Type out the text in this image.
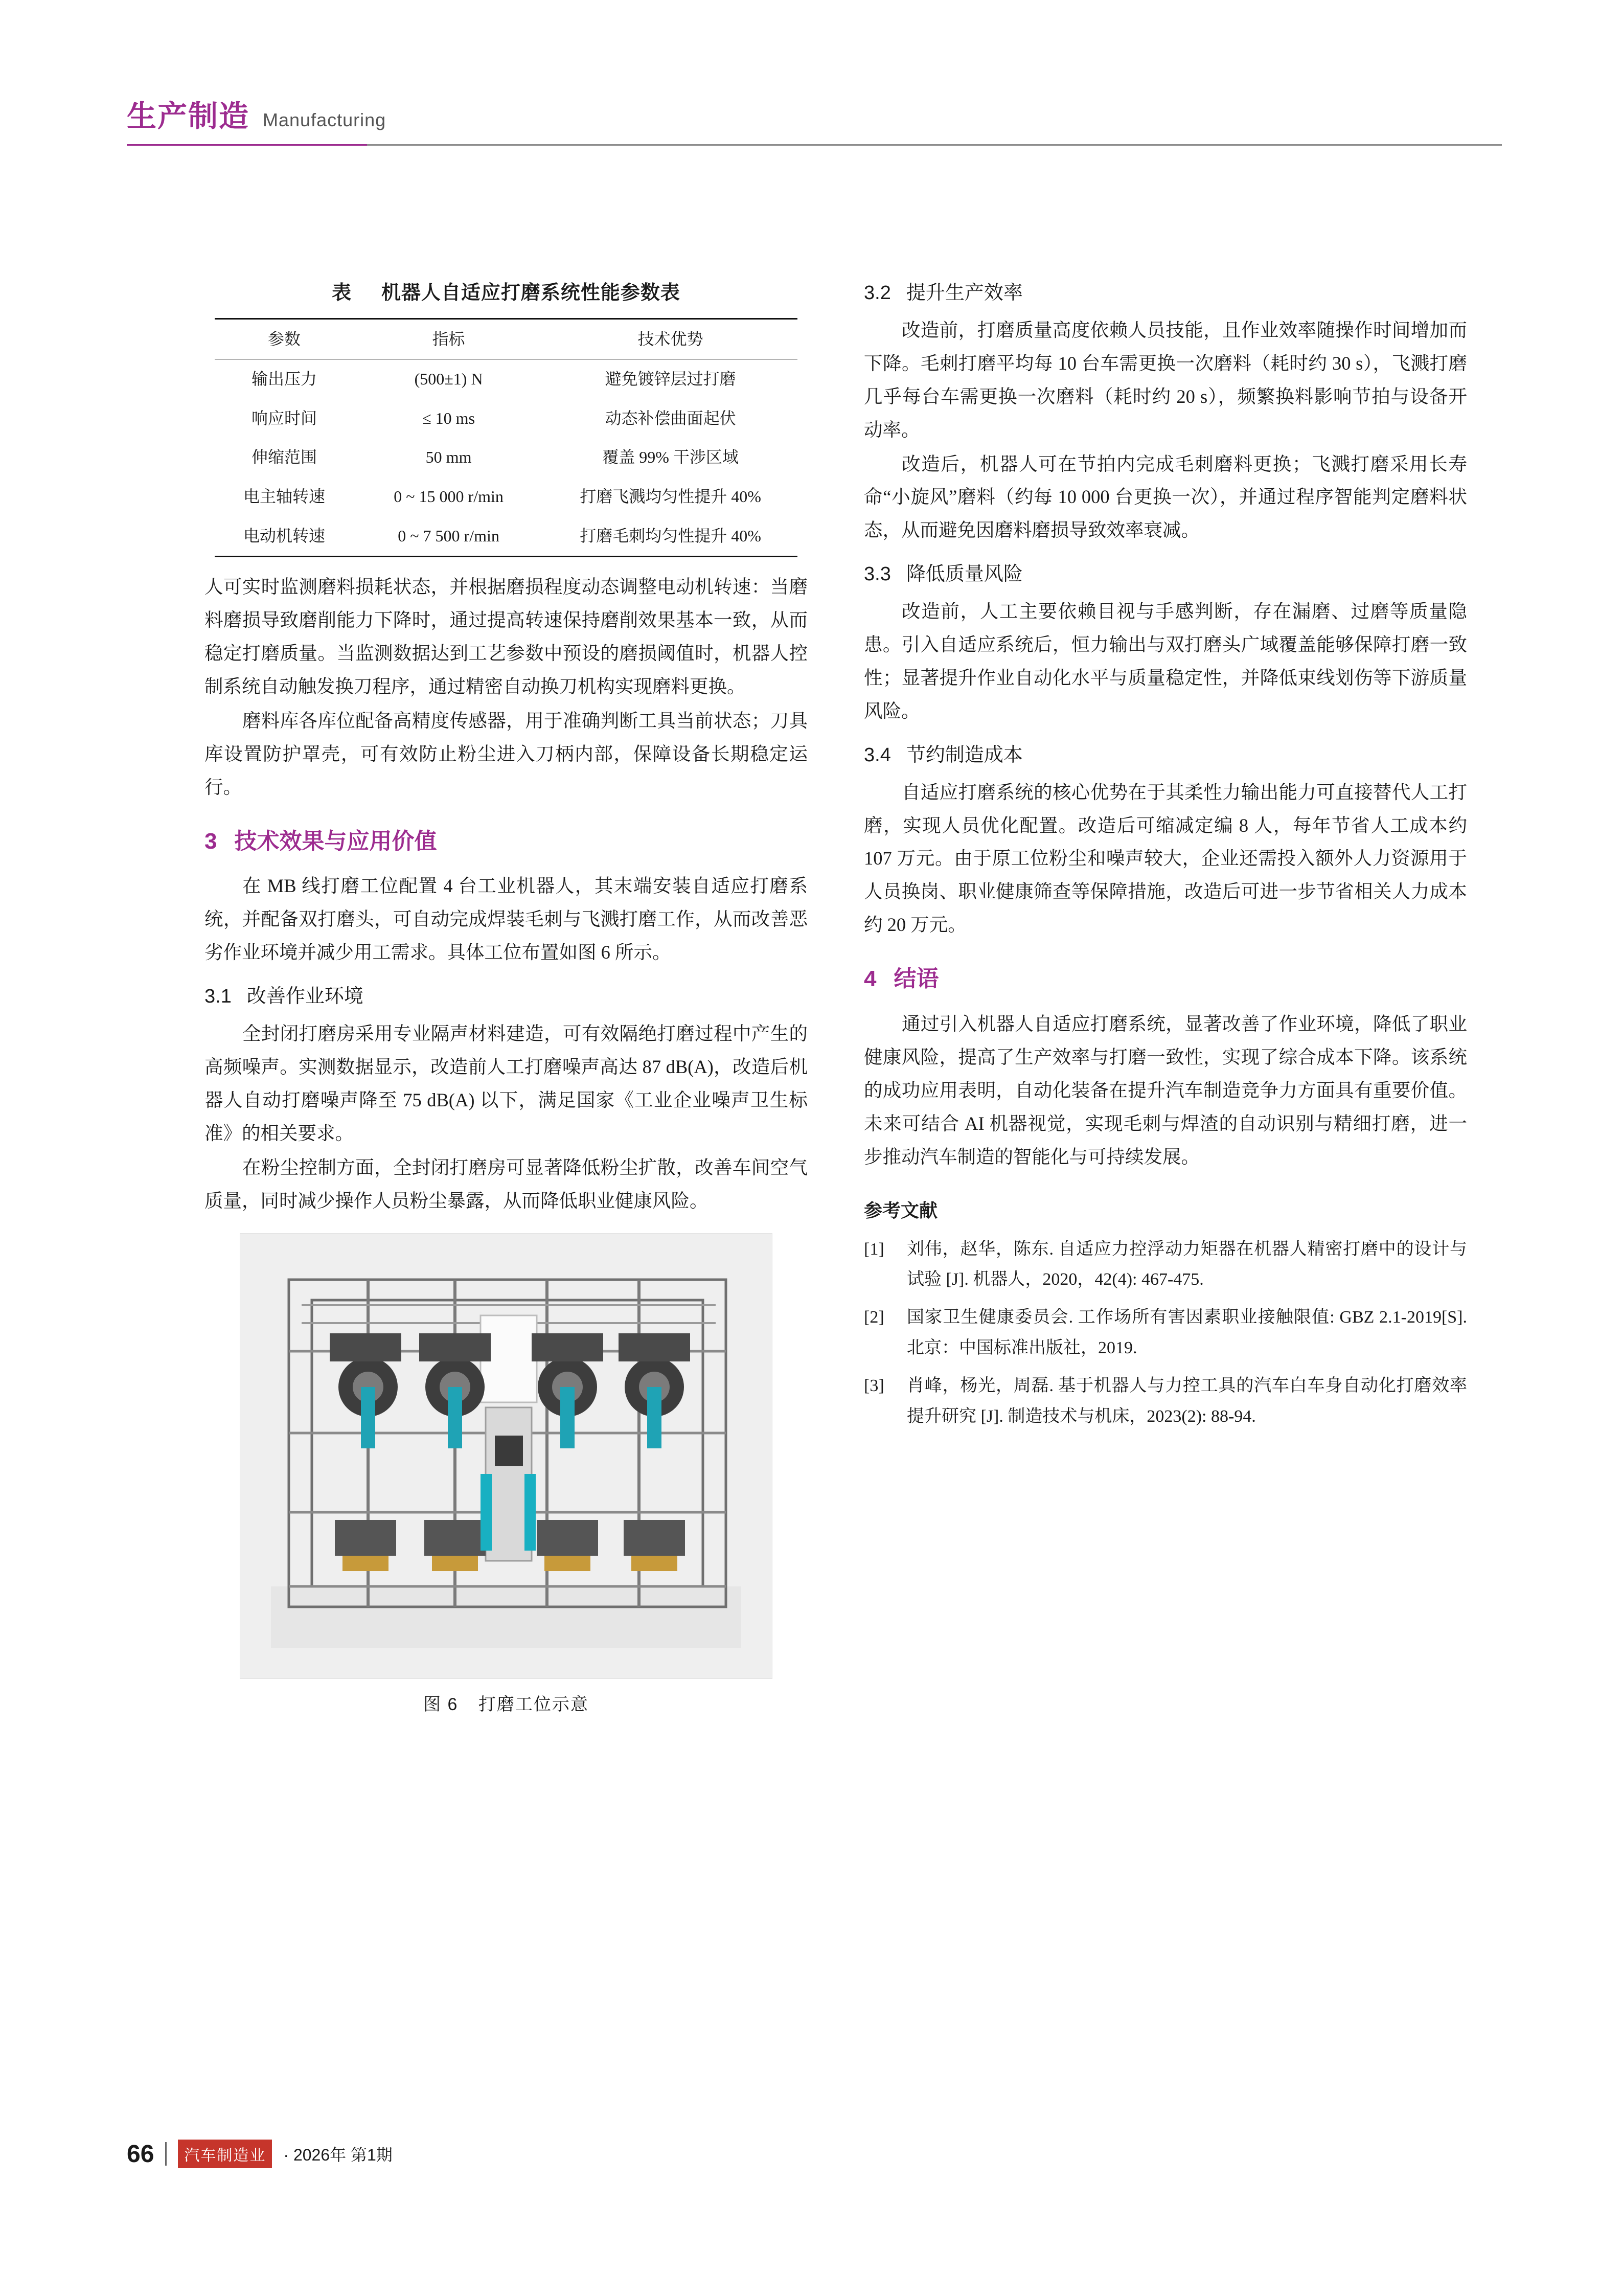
生产制造 Manufacturing
表 机器人自适应打磨系统性能参数表
参数	指标	技术优势
输出压力	(500±1) N	避免镀锌层过打磨
响应时间	≤ 10 ms	动态补偿曲面起伏
伸缩范围	50 mm	覆盖 99% 干涉区域
电主轴转速	0 ~ 15 000 r/min	打磨飞溅均匀性提升 40%
电动机转速	0 ~ 7 500 r/min	打磨毛刺均匀性提升 40%

人可实时监测磨料损耗状态，并根据磨损程度动态调整电动机转速：当磨料磨损导致磨削能力下降时，通过提高转速保持磨削效果基本一致，从而稳定打磨质量。当监测数据达到工艺参数中预设的磨损阈值时，机器人控制系统自动触发换刀程序，通过精密自动换刀机构实现磨料更换。

磨料库各库位配备高精度传感器，用于准确判断工具当前状态；刀具库设置防护罩壳，可有效防止粉尘进入刀柄内部，保障设备长期稳定运行。

3 技术效果与应用价值

在 MB 线打磨工位配置 4 台工业机器人，其末端安装自适应打磨系统，并配备双打磨头，可自动完成焊装毛刺与飞溅打磨工作，从而改善恶劣作业环境并减少用工需求。具体工位布置如图 6 所示。

3.1 改善作业环境

全封闭打磨房采用专业隔声材料建造，可有效隔绝打磨过程中产生的高频噪声。实测数据显示，改造前人工打磨噪声高达 87 dB(A)，改造后机器人自动打磨噪声降至 75 dB(A) 以下，满足国家《工业企业噪声卫生标准》的相关要求。

在粉尘控制方面，全封闭打磨房可显著降低粉尘扩散，改善车间空气质量，同时减少操作人员粉尘暴露，从而降低职业健康风险。

图 6 打磨工位示意
3.2 提升生产效率

改造前，打磨质量高度依赖人员技能，且作业效率随操作时间增加而下降。毛刺打磨平均每 10 台车需更换一次磨料（耗时约 30 s），飞溅打磨几乎每台车需更换一次磨料（耗时约 20 s），频繁换料影响节拍与设备开动率。

改造后，机器人可在节拍内完成毛刺磨料更换；飞溅打磨采用长寿命“小旋风”磨料（约每 10 000 台更换一次），并通过程序智能判定磨料状态，从而避免因磨料磨损导致效率衰减。

3.3 降低质量风险

改造前，人工主要依赖目视与手感判断，存在漏磨、过磨等质量隐患。引入自适应系统后，恒力输出与双打磨头广域覆盖能够保障打磨一致性；显著提升作业自动化水平与质量稳定性，并降低束线划伤等下游质量风险。

3.4 节约制造成本

自适应打磨系统的核心优势在于其柔性力输出能力可直接替代人工打磨，实现人员优化配置。改造后可缩减定编 8 人，每年节省人工成本约 107 万元。由于原工位粉尘和噪声较大，企业还需投入额外人力资源用于人员换岗、职业健康筛查等保障措施，改造后可进一步节省相关人力成本约 20 万元。

4 结语

通过引入机器人自适应打磨系统，显著改善了作业环境，降低了职业健康风险，提高了生产效率与打磨一致性，实现了综合成本下降。该系统的成功应用表明，自动化装备在提升汽车制造竞争力方面具有重要价值。未来可结合 AI 机器视觉，实现毛刺与焊渣的自动识别与精细打磨，进一步推动汽车制造的智能化与可持续发展。

参考文献
[1]	刘伟，赵华，陈东. 自适应力控浮动力矩器在机器人精密打磨中的设计与试验 [J]. 机器人，2020，42(4): 467-475.
[2]	国家卫生健康委员会. 工作场所有害因素职业接触限值: GBZ 2.1-2019[S]. 北京：中国标准出版社，2019.
[3]	肖峰，杨光，周磊. 基于机器人与力控工具的汽车白车身自动化打磨效率提升研究 [J]. 制造技术与机床，2023(2): 88-94.
66	汽车制造业	· 2026年 第1期
